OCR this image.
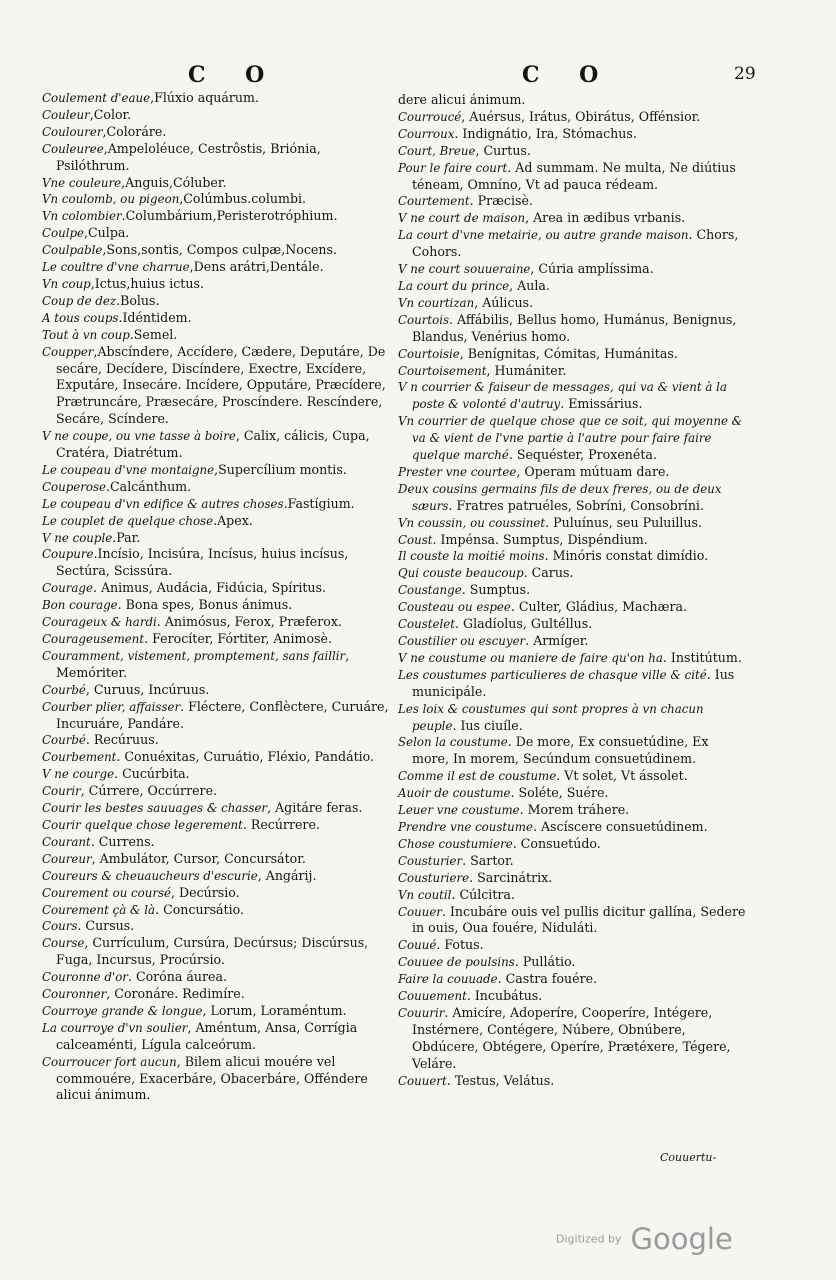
C O	C O	29

Coulement d'eaue,Flúxio aquárum.

Couleur,Color.

Coulourer,Coloráre.

Couleuree,Ampeloléuce, Cestrôstis, Briónia, Psilóthrum.

Vne couleure,Anguis,Cóluber.

Vn coulomb, ou pigeon,Colúmbus.columbi.

Vn colombier.Columbárium,Peristerotróphium.

Coulpe,Culpa.

Coulpable,Sons,sontis, Compos culpæ,Nocens.

Le coultre d'vne charrue,Dens arátri,Dentále.

Vn coup,Ictus,huius ictus.

Coup de dez.Bolus.

A tous coups.Idéntidem.

Tout à vn coup.Semel.

Coupper,Abscíndere, Accídere, Cædere, Deputáre, De secáre, Decídere, Discíndere, Exectre, Excídere, Exputáre, Insecáre. Incídere, Opputáre, Præcídere, Prætruncáre, Præsecáre, Proscíndere. Rescíndere, Secáre, Scíndere.

V ne coupe, ou vne tasse à boire, Calix, cálicis, Cupa, Cratéra, Diatrétum.

Le coupeau d'vne montaigne,Supercílium montis.

Couperose.Calcánthum.

Le coupeau d'vn edifice & autres choses.Fastígium.

Le couplet de quelque chose.Apex.

V ne couple.Par.

Coupure.Incísio, Incisúra, Incísus, huius incísus, Sectúra, Scissúra.

Courage. Animus, Audácia, Fidúcia, Spíritus.

Bon courage. Bona spes, Bonus ánimus.

Courageux & hardi. Animósus, Ferox, Præferox.

Courageusement. Ferocíter, Fórtiter, Animosè.

Couramment, vistement, promptement, sans faillir, Memóriter.

Courbé, Curuus, Incúruus.

Courber plier, affaisser. Fléctere, Conflèctere, Curuáre, Incuruáre, Pandáre.

Courbé. Recúruus.

Courbement. Conuéxitas, Curuátio, Fléxio, Pandátio.

V ne courge. Cucúrbita.

Courir, Cúrrere, Occúrrere.

Courir les bestes sauuages & chasser, Agitáre feras.

Courir quelque chose legerement. Recúrrere.

Courant. Currens.

Coureur, Ambulátor, Cursor, Concursátor.

Coureurs & cheuaucheurs d'escurie, Angárij.

Courement ou coursé, Decúrsio.

Courement çà & là. Concursátio.

Cours. Cursus.

Course, Currículum, Cursúra, Decúrsus; Discúrsus, Fuga, Incursus, Procúrsio.

Couronne d'or. Coróna áurea.

Couronner, Coronáre. Redimíre.

Courroye grande & longue, Lorum, Loraméntum.

La courroye d'vn soulier, Améntum, Ansa, Corrígia calceaménti, Lígula calceórum.

Courroucer fort aucun, Bilem alicui mouére vel commouére, Exacerbáre, Obacerbáre, Offéndere alicui ánimum.

dere alicui ánimum.

Courroucé, Auérsus, Irátus, Obirátus, Offénsior.

Courroux. Indignátio, Ira, Stómachus.

Court, Breue, Curtus.

Pour le faire court. Ad summam. Ne multa, Ne diútius téneam, Omníno, Vt ad pauca rédeam.

Courtement. Præcisè.

V ne court de maison, Area in ædibus vrbanis.

La court d'vne metairie, ou autre grande maison. Chors, Cohors.

V ne court souueraine, Cúria amplíssima.

La court du prince, Aula.

Vn courtizan, Aúlicus.

Courtois. Affábilis, Bellus homo, Humánus, Benignus, Blandus, Venérius homo.

Courtoisie, Benígnitas, Cómitas, Humánitas.

Courtoisement, Humániter.

V n courrier & faiseur de messages, qui va & vient à la poste & volonté d'autruy. Emissárius.

Vn courrier de quelque chose que ce soit, qui moyenne & va & vient de l'vne partie à l'autre pour faire faire quelque marché. Sequéster, Proxenéta.

Prester vne courtee, Operam mútuam dare.

Deux cousins germains fils de deux freres, ou de deux sæurs. Fratres patruéles, Sobríni, Consobríni.

Vn coussin, ou coussinet. Puluínus, seu Puluillus.

Coust. Impénsa. Sumptus, Dispéndium.

Il couste la moitié moins. Minóris constat dimídio.

Qui couste beaucoup. Carus.

Coustange. Sumptus.

Cousteau ou espee. Culter, Gládius, Machæra.

Coustelet. Gladíolus, Gultéllus.

Coustilier ou escuyer. Armíger.

V ne coustume ou maniere de faire qu'on ha. Institútum.

Les coustumes particulieres de chasque ville & cité. Ius municipále.

Les loix & coustumes qui sont propres à vn chacun peuple. Ius ciuíle.

Selon la coustume. De more, Ex consuetúdine, Ex more, In morem, Secúndum consuetúdinem.

Comme il est de coustume. Vt solet, Vt ássolet.

Auoir de coustume. Soléte, Suére.

Leuer vne coustume. Morem tráhere.

Prendre vne coustume. Ascíscere consuetúdinem.

Chose coustumiere. Consuetúdo.

Cousturier. Sartor.

Cousturiere. Sarcinátrix.

Vn coutil. Cúlcitra.

Couuer. Incubáre ouis vel pullis dicitur gallína, Sedere in ouis, Oua fouére, Niduláti.

Couué. Fotus.

Couuee de poulsins. Pullátio.

Faire la couuade. Castra fouére.

Couuement. Incubátus.

Couurir. Amicíre, Adoperíre, Cooperíre, Intégere, Instérnere, Contégere, Núbere, Obnúbere, Obdúcere, Obtégere, Operíre, Prætéxere, Tégere, Veláre.

Couuert. Testus, Velátus.

Couuertu-
Digitized by Google
